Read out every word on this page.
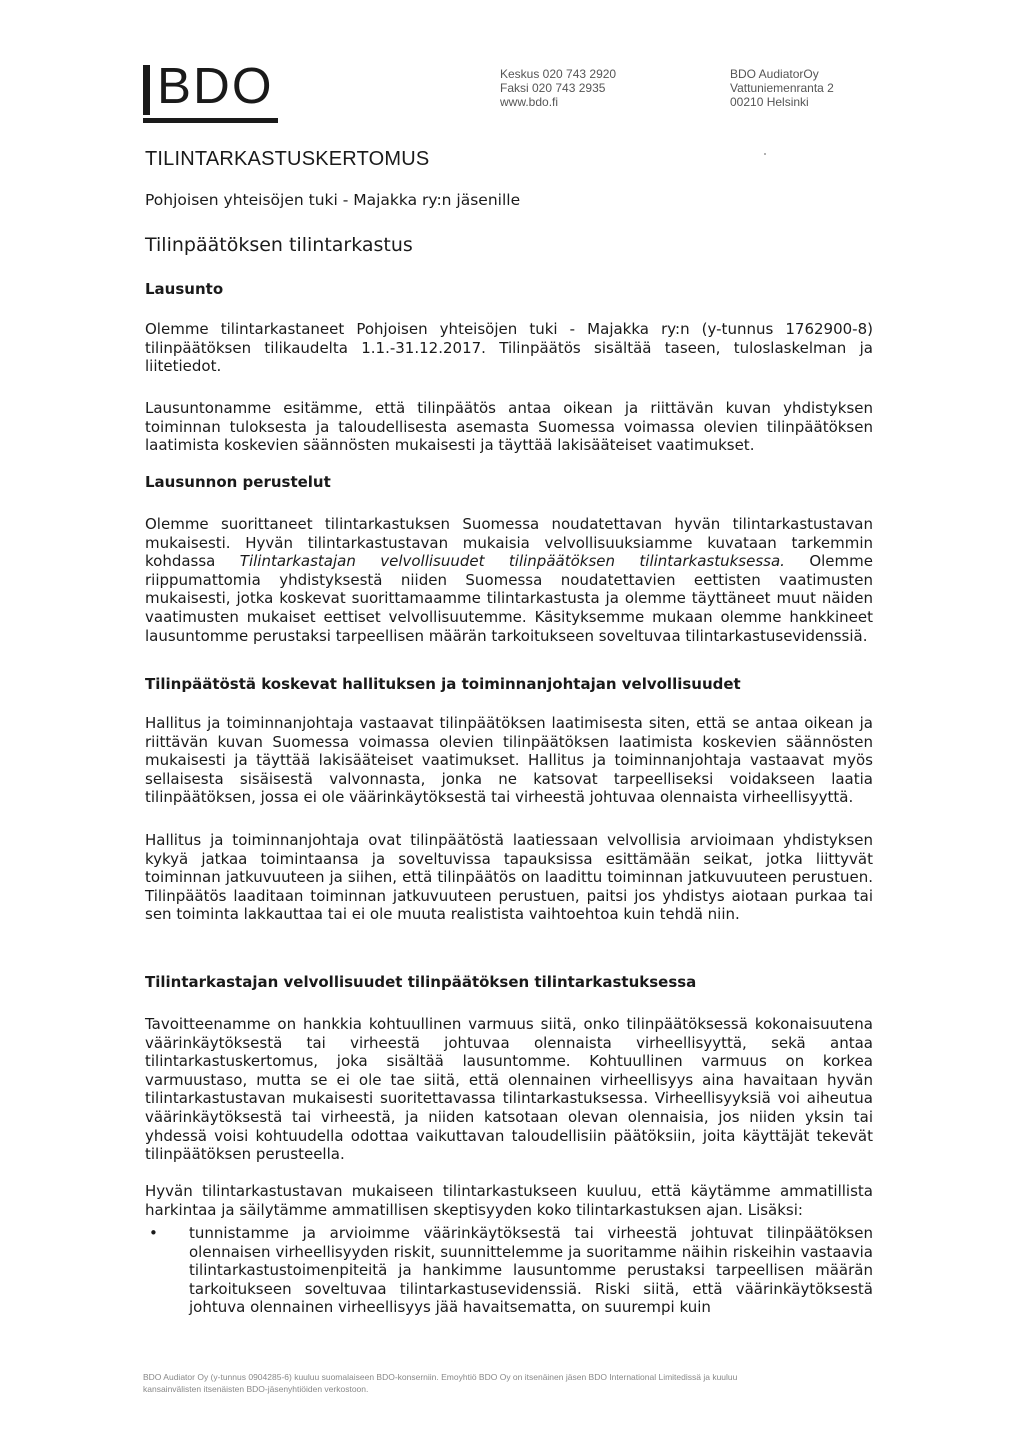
BDO	Keskus 020 743 2920
Faksi 020 743 2935
www.bdo.fi
BDO AudiatorOy
Vattuniemenranta 2
00210 Helsinki
TILINTARKASTUSKERTOMUS

Pohjoisen yhteisöjen tuki - Majakka ry:n jäsenille

Tilinpäätöksen tilintarkastus
Lausunto

Olemme tilintarkastaneet Pohjoisen yhteisöjen tuki - Majakka ry:n (y-tunnus 1762900-8) tilinpäätöksen tilikaudelta 1.1.-31.12.2017. Tilinpäätös sisältää taseen, tuloslaskelman ja liitetiedot.

Lausuntonamme esitämme, että tilinpäätös antaa oikean ja riittävän kuvan yhdistyksen toiminnan tuloksesta ja taloudellisesta asemasta Suomessa voimassa olevien tilinpäätöksen laatimista koskevien säännösten mukaisesti ja täyttää lakisääteiset vaatimukset.

Lausunnon perustelut

Olemme suorittaneet tilintarkastuksen Suomessa noudatettavan hyvän tilintarkastustavan mukaisesti. Hyvän tilintarkastustavan mukaisia velvollisuuksiamme kuvataan tarkemmin kohdassa Tilintarkastajan velvollisuudet tilinpäätöksen tilintarkastuksessa. Olemme riippumattomia yhdistyksestä niiden Suomessa noudatettavien eettisten vaatimusten mukaisesti, jotka koskevat suorittamaamme tilintarkastusta ja olemme täyttäneet muut näiden vaatimusten mukaiset eettiset velvollisuutemme. Käsityksemme mukaan olemme hankkineet lausuntomme perustaksi tarpeellisen määrän tarkoitukseen soveltuvaa tilintarkastusevidenssiä.

Tilinpäätöstä koskevat hallituksen ja toiminnanjohtajan velvollisuudet

Hallitus ja toiminnanjohtaja vastaavat tilinpäätöksen laatimisesta siten, että se antaa oikean ja riittävän kuvan Suomessa voimassa olevien tilinpäätöksen laatimista koskevien säännösten mukaisesti ja täyttää lakisääteiset vaatimukset. Hallitus ja toiminnanjohtaja vastaavat myös sellaisesta sisäisestä valvonnasta, jonka ne katsovat tarpeelliseksi voidakseen laatia tilinpäätöksen, jossa ei ole väärinkäytöksestä tai virheestä johtuvaa olennaista virheellisyyttä.

Hallitus ja toiminnanjohtaja ovat tilinpäätöstä laatiessaan velvollisia arvioimaan yhdistyksen kykyä jatkaa toimintaansa ja soveltuvissa tapauksissa esittämään seikat, jotka liittyvät toiminnan jatkuvuuteen ja siihen, että tilinpäätös on laadittu toiminnan jatkuvuuteen perustuen. Tilinpäätös laaditaan toiminnan jatkuvuuteen perustuen, paitsi jos yhdistys aiotaan purkaa tai sen toiminta lakkauttaa tai ei ole muuta realistista vaihtoehtoa kuin tehdä niin.

Tilintarkastajan velvollisuudet tilinpäätöksen tilintarkastuksessa

Tavoitteenamme on hankkia kohtuullinen varmuus siitä, onko tilinpäätöksessä kokonaisuutena väärinkäytöksestä tai virheestä johtuvaa olennaista virheellisyyttä, sekä antaa tilintarkastuskertomus, joka sisältää lausuntomme. Kohtuullinen varmuus on korkea varmuustaso, mutta se ei ole tae siitä, että olennainen virheellisyys aina havaitaan hyvän tilintarkastustavan mukaisesti suoritettavassa tilintarkastuksessa. Virheellisyyksiä voi aiheutua väärinkäytöksestä tai virheestä, ja niiden katsotaan olevan olennaisia, jos niiden yksin tai yhdessä voisi kohtuudella odottaa vaikuttavan taloudellisiin päätöksiin, joita käyttäjät tekevät tilinpäätöksen perusteella.

Hyvän tilintarkastustavan mukaiseen tilintarkastukseen kuuluu, että käytämme ammatillista harkintaa ja säilytämme ammatillisen skeptisyyden koko tilintarkastuksen ajan. Lisäksi:

• tunnistamme ja arvioimme väärinkäytöksestä tai virheestä johtuvat tilinpäätöksen olennaisen virheellisyyden riskit, suunnittelemme ja suoritamme näihin riskeihin vastaavia tilintarkastustoimenpiteitä ja hankimme lausuntomme perustaksi tarpeellisen määrän tarkoitukseen soveltuvaa tilintarkastusevidenssiä. Riski siitä, että väärinkäytöksestä johtuva olennainen virheellisyys jää havaitsematta, on suurempi kuin
BDO Audiator Oy (y-tunnus 0904285-6) kuuluu suomalaiseen BDO-konserniin. Emoyhtiö BDO Oy on itsenäinen jäsen BDO International Limitedissä ja kuuluu
kansainvälisten itsenäisten BDO-jäsenyhtiöiden verkostoon.
